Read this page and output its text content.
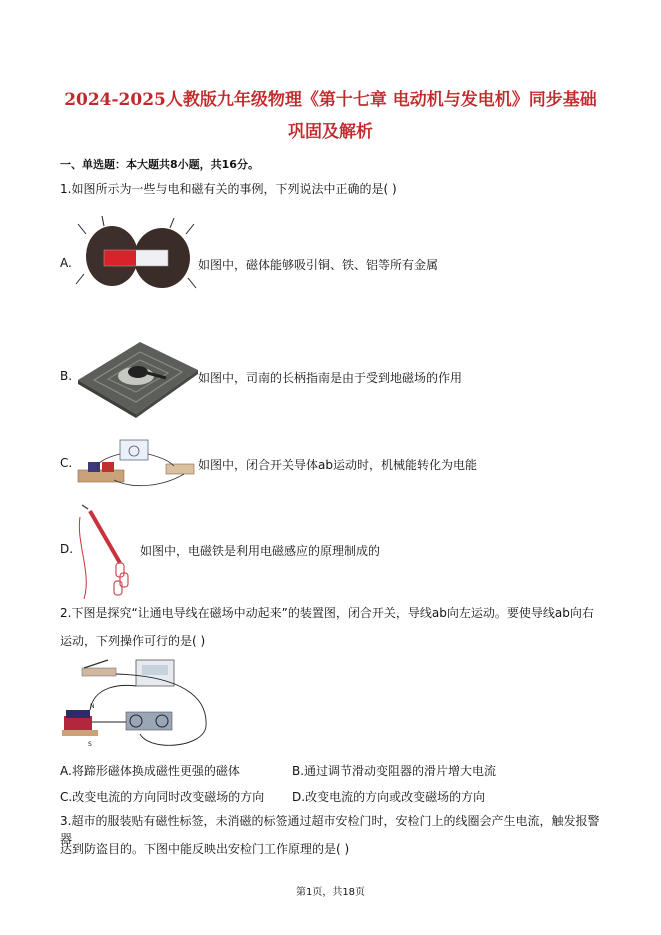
2024-2025人教版九年级物理《第十七章 电动机与发电机》同步基础
巩固及解析
一、单选题：本大题共8小题，共16分。
1.如图所示为一些与电和磁有关的事例，下列说法中正确的是( )
A.	如图中，磁体能够吸引铜、铁、铝等所有金属
B.	如图中，司南的长柄指南是由于受到地磁场的作用
C.	如图中，闭合开关导体ab运动时，机械能转化为电能
D.	如图中，电磁铁是利用电磁感应的原理制成的
2.下图是探究“让通电导线在磁场中动起来”的装置图，闭合开关，导线ab向左运动。要使导线ab向右
运动，下列操作可行的是( )
N
S
A.将蹄形磁体换成磁性更强的磁体	B.通过调节滑动变阻器的滑片增大电流
C.改变电流的方向同时改变磁场的方向 D.改变电流的方向或改变磁场的方向
3.超市的服装贴有磁性标签，未消磁的标签通过超市安检门时，安检门上的线圈会产生电流，触发报警器
达到防盗目的。下图中能反映出安检门工作原理的是( )
第1页，共18页
